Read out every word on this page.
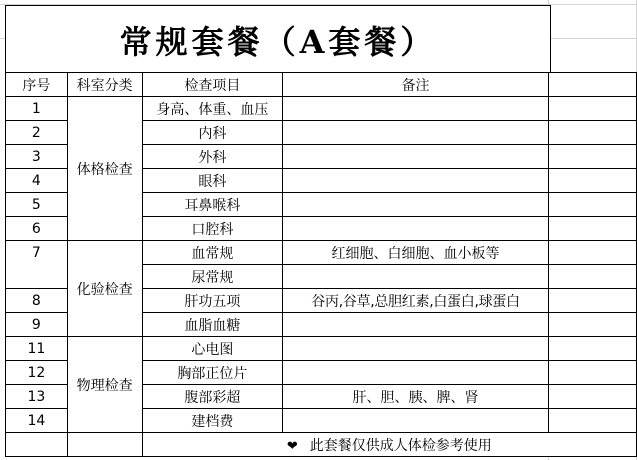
常规套餐（A套餐）
序号	科室分类	检查项目	备注	
1	体格检查	身高、体重、血压		
2		内科		
3		外科		
4		眼科		
5		耳鼻喉科		
6		口腔科		
7	化验检查	血常规	红细胞、白细胞、血小板等	
		尿常规		
8		肝功五项	谷丙,谷草,总胆红素,白蛋白,球蛋白	
9		血脂血糖		
11	物理检查	心电图		
12		胸部正位片		
13		腹部彩超	肝、胆、胰、脾、肾	
14		建档费		
		❤ 此套餐仅供成人体检参考使用		
